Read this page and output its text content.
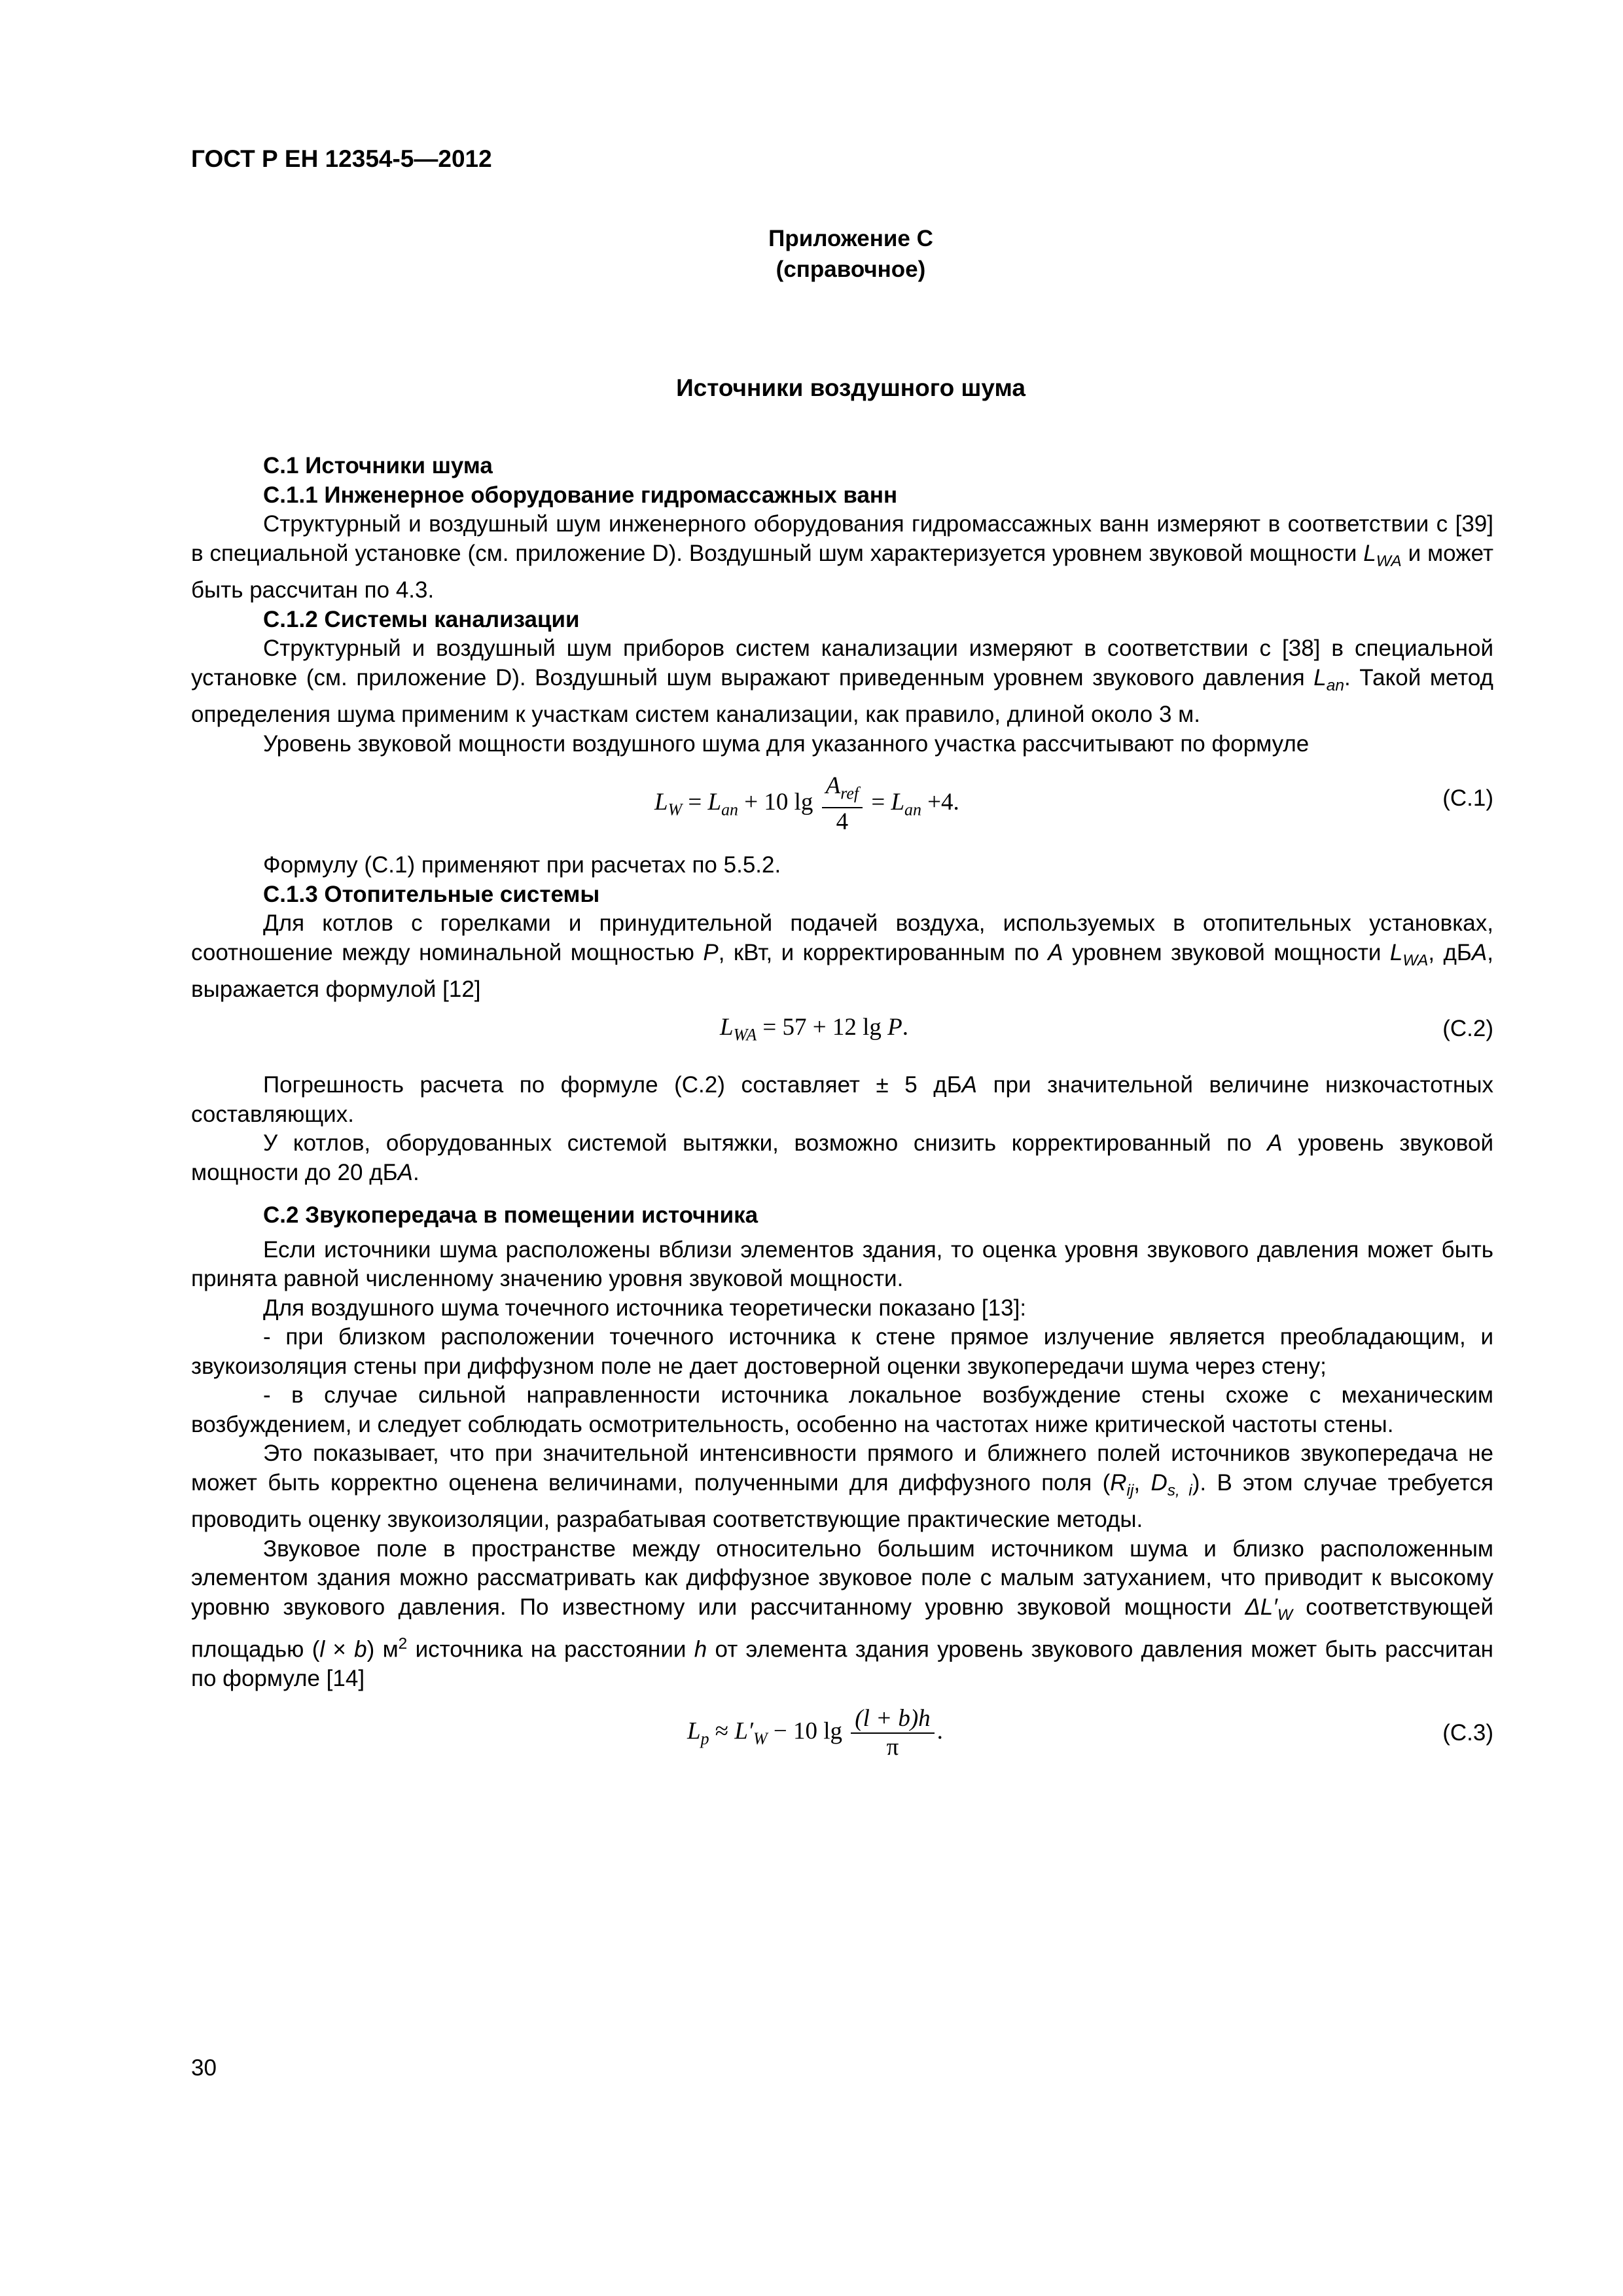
ГОСТ Р ЕН 12354-5—2012
Приложение С
(справочное)
Источники воздушного шума
С.1 Источники шума
С.1.1 Инженерное оборудование гидромассажных ванн
Структурный и воздушный шум инженерного оборудования гидромассажных ванн измеряют в соответствии с [39] в специальной установке (см. приложение D). Воздушный шум характеризуется уровнем звуковой мощности $L_{WA}$ и может быть рассчитан по 4.3.
С.1.2 Системы канализации
Структурный и воздушный шум приборов систем канализации измеряют в соответствии с [38] в специальной установке (см. приложение D). Воздушный шум выражают приведенным уровнем звукового давления $L_{an}$. Такой метод определения шума применим к участкам систем канализации, как правило, длиной около 3 м.
Уровень звуковой мощности воздушного шума для указанного участка рассчитывают по формуле
$L_W = L_{an} + 10$ $\lg \frac{A_{ref}}{4} = L_{an} +4$.	(С.1)
Формулу (С.1) применяют при расчетах по 5.5.2.
С.1.3 Отопительные системы
Для котлов с горелками и принудительной подачей воздуха, используемых в отопительных установках, соотношение между номинальной мощностью P, кВт, и корректированным по А уровнем звуковой мощности $L_{WA}$, дБА, выражается формулой [12]
$L_{WA} = 57 + 12$ lg P.	(С.2)
Погрешность расчета по формуле (С.2) составляет ± 5 дБА при значительной величине низкочастотных составляющих.
У котлов, оборудованных системой вытяжки, возможно снизить корректированный по А уровень звуковой мощности до 20 дБА.
С.2 Звукопередача в помещении источника
Если источники шума расположены вблизи элементов здания, то оценка уровня звукового давления может быть принята равной численному значению уровня звуковой мощности.
Для воздушного шума точечного источника теоретически показано [13]:
- при близком расположении точечного источника к стене прямое излучение является преобладающим, и звукоизоляция стены при диффузном поле не дает достоверной оценки звукопередачи шума через стену;
- в случае сильной направленности источника локальное возбуждение стены схоже с механическим возбуждением, и следует соблюдать осмотрительность, особенно на частотах ниже критической частоты стены.
Это показывает, что при значительной интенсивности прямого и ближнего полей источников звукопередача не может быть корректно оценена величинами, полученными для диффузного поля ($R_{ij}$, $D_{s, i}$). В этом случае требуется проводить оценку звукоизоляции, разрабатывая соответствующие практические методы.
Звуковое поле в пространстве между относительно большим источником шума и близко расположенным элементом здания можно рассматривать как диффузное звуковое поле с малым затуханием, что приводит к высокому уровню звукового давления. По известному или рассчитанному уровню звуковой мощности $\Delta L'_W$ соответствующей площадью (l × b) $м^2$ источника на расстоянии h от элемента здания уровень звукового давления может быть рассчитан по формуле [14]
$L_p \approx L'_W - 10$ $\lg \frac{(l + b)h}{\pi}$ .	(С.3)
30
